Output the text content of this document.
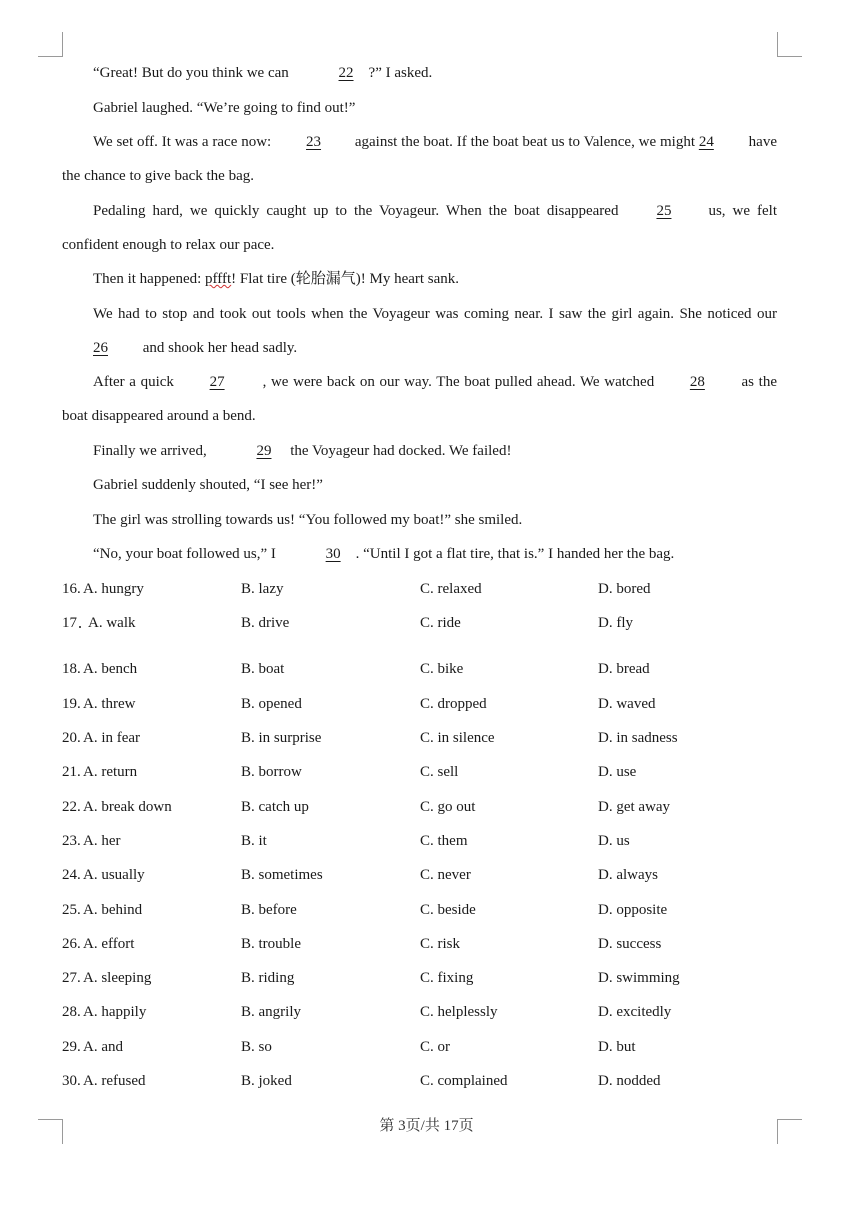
“Great! But do you think we can	22 ?” I asked.

Gabriel laughed. “We’re going to find out!”

We set off. It was a race now: 23 against the boat. If the boat beat us to Valence, we might 24 have the chance to give back the bag.

Pedaling hard, we quickly caught up to the Voyageur. When the boat disappeared 25 us, we felt confident enough to relax our pace.

Then it happened: pffft! Flat tire (轮胎漏气)! My heart sank.

We had to stop and took out tools when the Voyageur was coming near. I saw the girl again. She noticed our 26 and shook her head sadly.

After a quick 27	, we were back on our way. The boat pulled ahead. We watched 28 as the boat disappeared around a bend.

Finally we arrived,	29 the Voyageur had docked. We failed!

Gabriel suddenly shouted, “I see her!”

The girl was strolling towards us! “You followed my boat!” she smiled.

“No, your boat followed us,” I	30 . “Until I got a flat tire, that is.” I handed her the bag.

16. A. hungry	B. lazy	C. relaxed	D. bored
17 A. walk	B. drive	C. ride	D. fly
18. A. bench	B. boat	C. bike	D. bread
19. A. threw	B. opened	C. dropped	D. waved
20. A. in fear	B. in surprise	C. in silence	D. in sadness
21. A. return	B. borrow	C. sell	D. use
22. A. break down	B. catch up	C. go out	D. get away
23. A. her	B. it	C. them	D. us
24. A. usually	B. sometimes	C. never	D. always
25. A. behind	B. before	C. beside	D. opposite
26. A. effort	B. trouble	C. risk	D. success
27. A. sleeping	B. riding	C. fixing	D. swimming
28. A. happily	B. angrily	C. helplessly	D. excitedly
29. A. and	B. so	C. or	D. but
30. A. refused	B. joked	C. complained	D. nodded
第 3页/共 17页
